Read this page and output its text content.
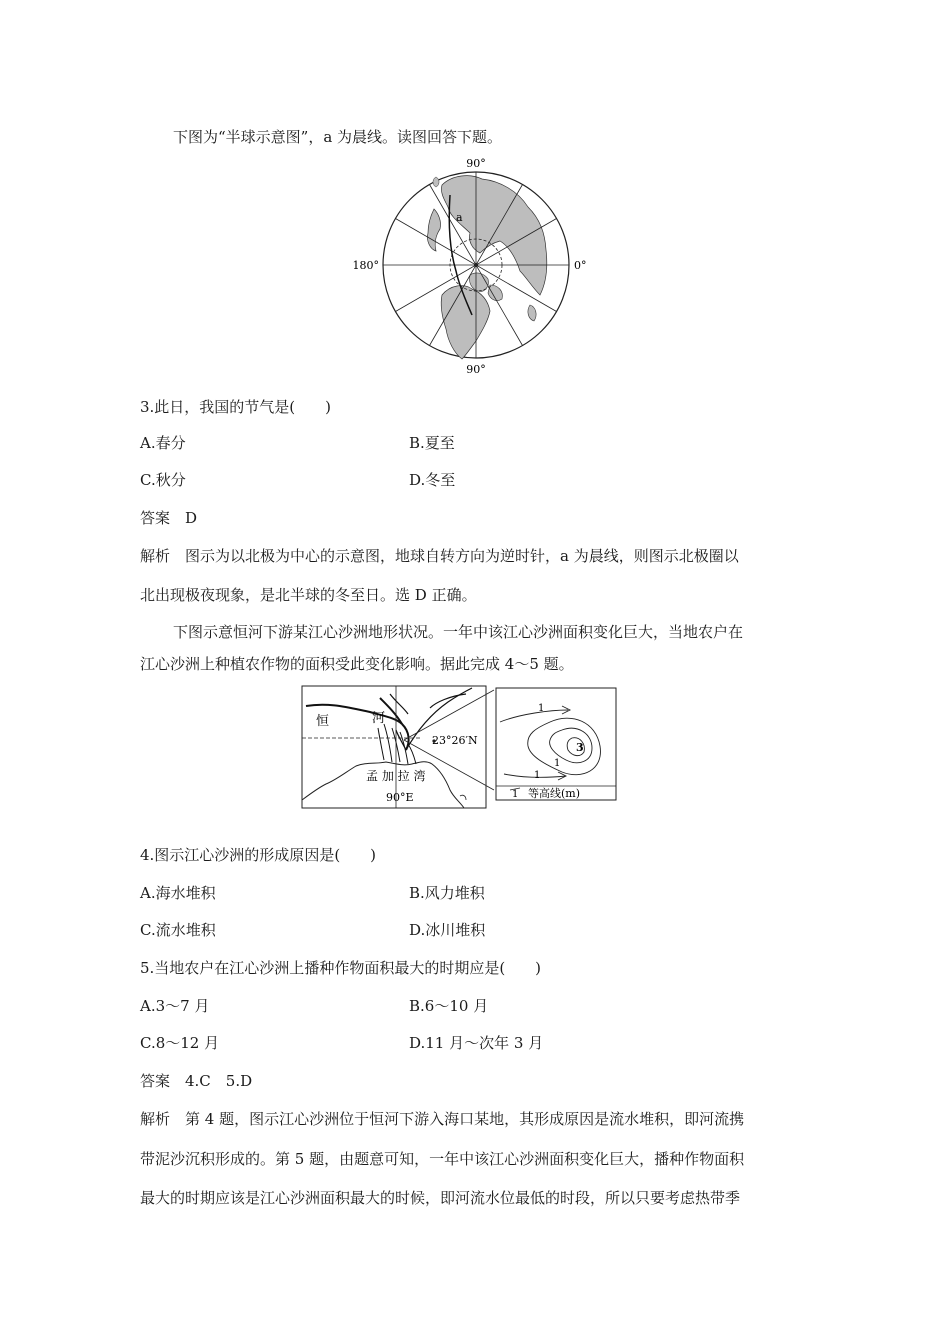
下图为“半球示意图”，a 为晨线。读图回答下题。
90°
90°
180°	0°
a
3.此日，我国的节气是(　　)
A.春分	B.夏至
C.秋分	D.冬至
答案　D
解析　图示为以北极为中心的示意图，地球自转方向为逆时针，a 为晨线，则图示北极圈以
北出现极夜现象，是北半球的冬至日。选 D 正确。
下图示意恒河下游某江心沙洲地形状况。一年中该江心沙洲面积变化巨大，当地农户在
江心沙洲上种植农作物的面积受此变化影响。据此完成 4～5 题。
恒	河
23°26′N
孟 加 拉 湾
90°E
1
1
1
3
1 等高线(m)
4.图示江心沙洲的形成原因是(　　)
A.海水堆积	B.风力堆积
C.流水堆积	D.冰川堆积
5.当地农户在江心沙洲上播种作物面积最大的时期应是(　　)
A.3～7 月	B.6～10 月
C.8～12 月	D.11 月～次年 3 月
答案　4.C　5.D
解析　第 4 题，图示江心沙洲位于恒河下游入海口某地，其形成原因是流水堆积，即河流携
带泥沙沉积形成的。第 5 题，由题意可知，一年中该江心沙洲面积变化巨大，播种作物面积
最大的时期应该是江心沙洲面积最大的时候，即河流水位最低的时段，所以只要考虑热带季
